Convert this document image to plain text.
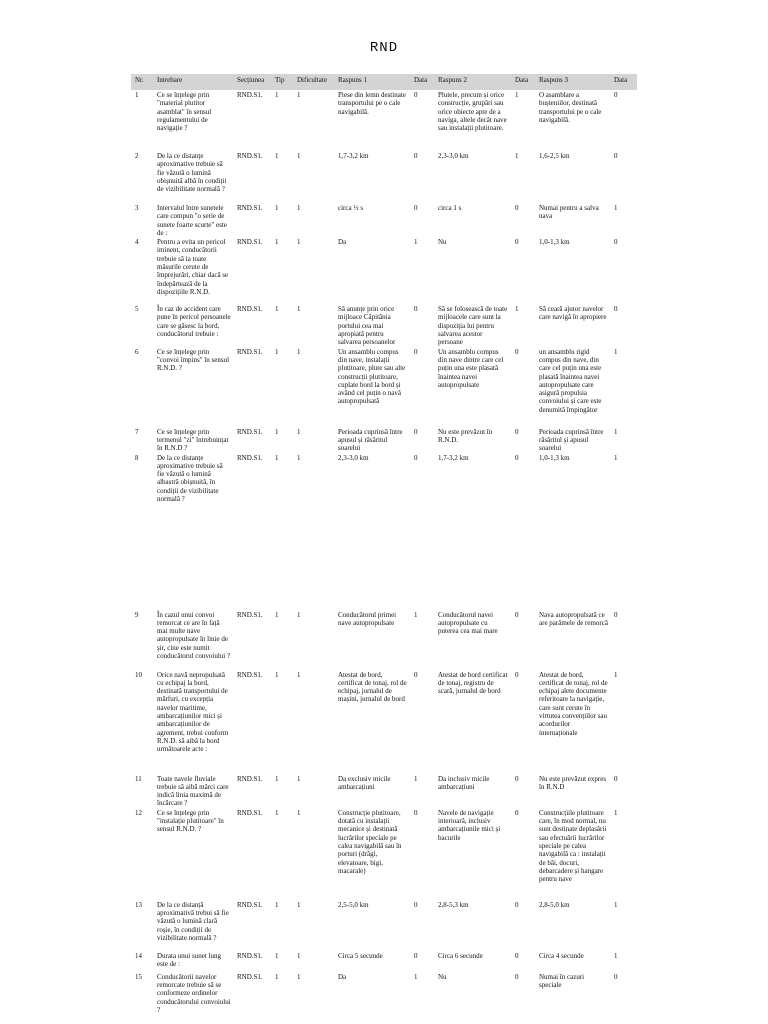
RND
Nr.	Intrebare	Secțiunea	Tip	Dificultate	Raspuns 1	Data	Raspuns 2	Data	Raspuns 3	Data
1	Ce se înțelege prin "material plutitor asamblat" în sensul regulamentului de navigație ?	RND.S1.	1	1	Piese din lemn destinate transportului pe o cale navigabilă.	0	Plutele, precum și orice construcție, grupări sau orice obiecte apte de a naviga, altele decât nave sau instalații plutitoare.	1	O asamblare a bușteniilor, destinată transportului pe o cale navigabilă.	0
2	De la ce distanțe aproximative trebuie să fie văzută o lumină obișnuită albă în condiții de vizibilitate normală ?	RND.S1.	1	1	1,7-3,2 km	0	2,3-3,0 km	1	1,6-2,5 km	0
3	Intervalul între sunetele care compun "o serie de sunete foarte scurte" este de :	RND.S1.	1	1	circa ½ s	0	circa 1 s	0	Numai pentru a salva nava	1
4	Pentru a evita un pericol iminent, conducătorii trebuie să ia toate măsurile cerute de împrejurări, chiar dacă se îndepărtează de la dispozițiile R.N.D.	RND.S1.	1	1	Da	1	Nu	0	1,0-1,3 km	0
5	În caz de accident care pune în pericol persoanele care se găsesc la bord, conducătorul trebuie :	RND.S1.	1	1	Să anunțe prin orice mijloace Căpitănia portului cea mai apropiată pentru salvarea persoanelor	0	Să se folosească de toate mijloacele care sunt la dispoziția lui pentru salvarea acestor persoane	1	Să ceară ajutor navelor care navigă în apropiere	0
6	Ce se înțelege prin "convoi împins" în sensul R.N.D. ?	RND.S1.	1	1	Un ansamblu compus din nave, instalații plutitoare, plute sau alte construcții plutitoare, cuplate bord la bord și având cel puțin o navă autopropulsată	0	Un ansamblu compus din nave dintre care cel puțin una este plasată înaintea navei autopropulsate	0	un ansamblu rigid compus din nave, din care cel puțin una este plasată înaintea navei autopropulsate care asigură propulsia convoiului și care este denumită împingător	1
7	Ce se înțelege prin termenul "zi" întrebuințat în R.N.D ?	RND.S1.	1	1	Perioada cuprinsă între apusul și răsăritul soarelui	0	Nu este prevăzut în R.N.D.	0	Perioada cuprinsă între răsăritul și apusul soarelui	1
8	De la ce distanțe aproximative trebuie să fie văzută o lumină albastră obișnuită, în condiții de vizibilitate normală ?	RND.S1.	1	1	2,3-3,0 km	0	1,7-3,2 km	0	1,0-1,3 km	1
9	În cazul unui convoi remorcat ce are în față mai multe nave autopropulsate în linie de șir, cine este numit conducătorul convoiului ?	RND.S1.	1	1	Conducătorul primei nave autopropulsate	1	Conducătorul navei autopropulsate cu puterea cea mai mare	0	Nava autopropulsată ce are parâmele de remorcă	0
10	Orice navă nepropulsată cu echipaj la bord, destinată transportului de mărfuri, cu excepția navelor maritime, ambarcațiunilor mici și ambarcațiunilor de agrement, trebui conform R.N.D. să aibă la bord următoarele acte :	RND.S1.	1	1	Atestat de bord, certificat de tonaj, rol de echipaj, jurnalul de mașini, jurnalul de bord	0	Atestat de bord certificat de tonaj, registru de scară, jurnalul de bord	0	Atestat de bord, certificat de tonaj, rol de echipaj alete documente referitoare la navigație, care sunt cerute în virtutea convențiilor sau acordurilor internaționale	1
11	Toate navele fluviale trebuie să aibă mărci care indică linia maximă de încărcare ?	RND.S1.	1	1	Da exclusiv micile ambarcațiuni	1	Da inclusiv micile ambarcațiuni	0	Nu este prevăzut expres în R.N.D	0
12	Ce se înțelege prin "instalație plutitoare" în sensul R.N.D. ?	RND.S1.	1	1	Construcție plutitoare, dotată cu instalații mecanice și destinată lucrărilor speciale pe calea navigabilă sau în porturi (drăgi, elevatoare, bigi, macarale)	0	Navele de navigație interioară, inclusiv ambarcațiunile mici și bacurile	0	Construcțiile plutitoare care, în mod normal, nu sunt destinate deplasării sau efectuării lucrărilor speciale pe calea navigabilă ca : instalații de băi, docuri, debarcadere și hangare pentru nave	1
13	De la ce distanță aproximativă trebui să fie văzută o lumină clară roșie, în condiții de vizibilitate normală ?	RND.S1.	1	1	2,5-5,0 km	0	2,8-5,3 km	0	2,8-5,0 km	1
14	Durata unui sunet lung este de :	RND.S1.	1	1	Circa 5 secunde	0	Circa 6 secunde	0	Circa 4 secunde	1
15	Conducătorii navelor remorcate trebuie să se conformeze ordinelor conducătorului convoiului ?	RND.S1.	1	1	Da	1	Nu	0	Numai în cazuri speciale	0
